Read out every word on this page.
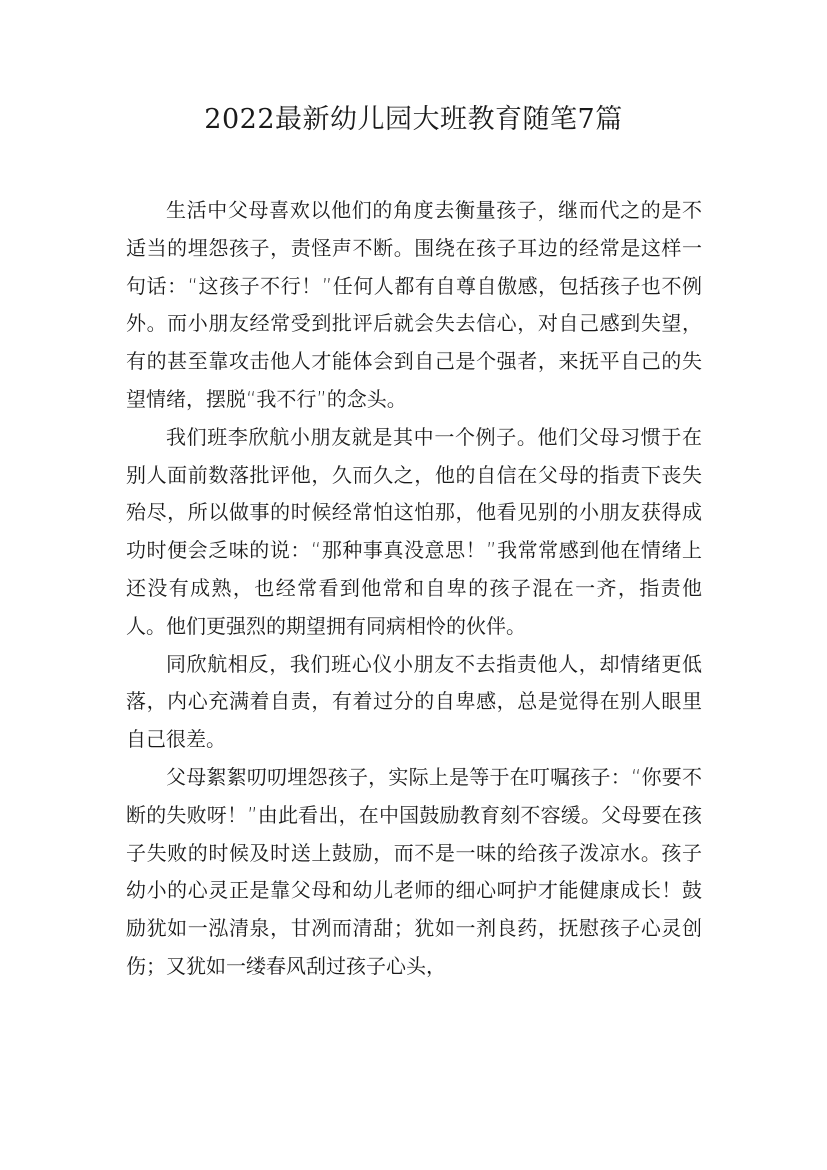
2022最新幼儿园大班教育随笔7篇

生活中父母喜欢以他们的角度去衡量孩子，继而代之的是不适当的埋怨孩子，责怪声不断。围绕在孩子耳边的经常是这样一句话：“这孩子不行！”任何人都有自尊自傲感，包括孩子也不例外。而小朋友经常受到批评后就会失去信心，对自己感到失望，有的甚至靠攻击他人才能体会到自己是个强者，来抚平自己的失望情绪，摆脱“我不行”的念头。

我们班李欣航小朋友就是其中一个例子。他们父母习惯于在别人面前数落批评他，久而久之，他的自信在父母的指责下丧失殆尽，所以做事的时候经常怕这怕那，他看见别的小朋友获得成功时便会乏味的说：“那种事真没意思！”我常常感到他在情绪上还没有成熟，也经常看到他常和自卑的孩子混在一齐，指责他人。他们更强烈的期望拥有同病相怜的伙伴。

同欣航相反，我们班心仪小朋友不去指责他人，却情绪更低落，内心充满着自责，有着过分的自卑感，总是觉得在别人眼里自己很差。

父母絮絮叨叨埋怨孩子，实际上是等于在叮嘱孩子：“你要不断的失败呀！”由此看出，在中国鼓励教育刻不容缓。父母要在孩子失败的时候及时送上鼓励，而不是一味的给孩子泼凉水。孩子幼小的心灵正是靠父母和幼儿老师的细心呵护才能健康成长！鼓励犹如一泓清泉，甘冽而清甜；犹如一剂良药，抚慰孩子心灵创伤；又犹如一缕春风刮过孩子心头，
